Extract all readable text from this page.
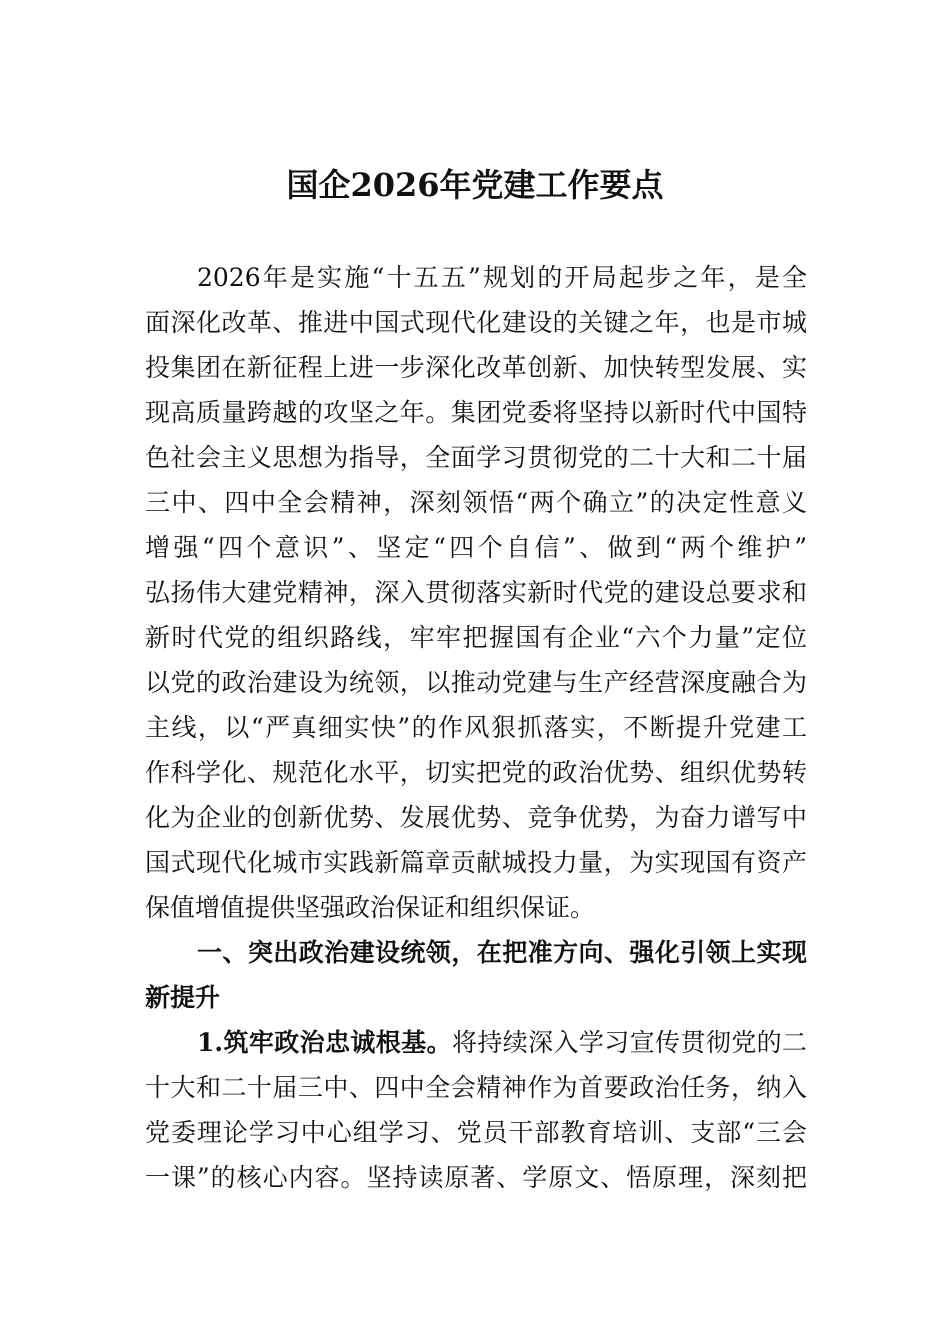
国企2026年党建工作要点
2026年是实施“十五五”规划的开局起步之年，是全
面深化改革、推进中国式现代化建设的关键之年，也是市城
投集团在新征程上进一步深化改革创新、加快转型发展、实
现高质量跨越的攻坚之年。集团党委将坚持以新时代中国特
色社会主义思想为指导，全面学习贯彻党的二十大和二十届
三中、四中全会精神，深刻领悟“两个确立”的决定性意义
增强“四个意识”、坚定“四个自信”、做到“两个维护”
弘扬伟大建党精神，深入贯彻落实新时代党的建设总要求和
新时代党的组织路线，牢牢把握国有企业“六个力量”定位
以党的政治建设为统领，以推动党建与生产经营深度融合为
主线，以“严真细实快”的作风狠抓落实，不断提升党建工
作科学化、规范化水平，切实把党的政治优势、组织优势转
化为企业的创新优势、发展优势、竞争优势，为奋力谱写中
国式现代化城市实践新篇章贡献城投力量，为实现国有资产
保值增值提供坚强政治保证和组织保证。
一、突出政治建设统领，在把准方向、强化引领上实现
新提升
1.筑牢政治忠诚根基。将持续深入学习宣传贯彻党的二
十大和二十届三中、四中全会精神作为首要政治任务，纳入
党委理论学习中心组学习、党员干部教育培训、支部“三会
一课”的核心内容。坚持读原著、学原文、悟原理，深刻把
